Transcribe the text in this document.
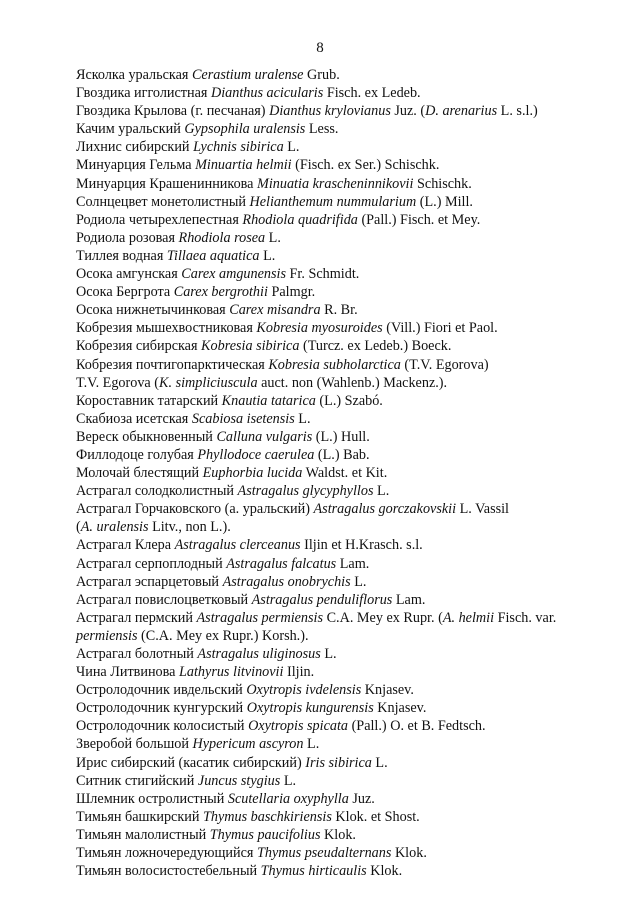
8
Ясколка уральская Cerastium uralense Grub.
Гвоздика игголистная Dianthus acicularis Fisch. ex Ledeb.
Гвоздика Крылова (г. песчаная) Dianthus krylovianus Juz. (D. arenarius L. s.l.)
Качим уральский Gypsophila uralensis Less.
Лихнис сибирский Lychnis sibirica L.
Минуарция Гельма Minuartia helmii (Fisch. ex Ser.) Schischk.
Минуарция Крашенинникова Minuatia krascheninnikovii Schischk.
Солнцецвет монетолистный Helianthemum nummularium (L.) Mill.
Родиола четырехлепестная Rhodiola quadrifida (Pall.) Fisch. et Mey.
Родиола розовая Rhodiola rosea L.
Тиллея водная Tillaea aquatica L.
Осока амгунская Carex amgunensis Fr. Schmidt.
Осока Бергрота Carex bergrothii Palmgr.
Осока нижнетычинковая Carex misandra R. Br.
Кобрезия мышехвостниковая Kobresia myosuroides (Vill.) Fiori et Paol.
Кобрезия сибирская Kobresia sibirica (Turcz. ex Ledeb.) Boeck.
Кобрезия почтигопарктическая Kobresia subholarctica (T.V. Egorova)
T.V. Egorova (K. simpliciuscula auct. non (Wahlenb.) Mackenz.).
Короставник татарский Knautia tatarica (L.) Szabó.
Скабиоза исетская Scabiosa isetensis L.
Вереск обыкновенный Calluna vulgaris (L.) Hull.
Филлодоце голубая Phyllodoce caerulea (L.) Bab.
Молочай блестящий Euphorbia lucida Waldst. et Kit.
Астрагал солодколистный Astragalus glycyphyllos L.
Астрагал Горчаковского (а. уральский) Astragalus gorczakovskii L. Vassil
(A. uralensis Litv., non L.).
Астрагал Клера Astragalus clerceanus Iljin et H.Krasch. s.l.
Астрагал серпоплодный Astragalus falcatus Lam.
Астрагал эспарцетовый Astragalus onobrychis L.
Астрагал повислоцветковый Astragalus penduliflorus Lam.
Астрагал пермский Astragalus permiensis C.A. Mey ex Rupr. (A. helmii Fisch. var.
permiensis (C.A. Mey ex Rupr.) Korsh.).
Астрагал болотный Astragalus uliginosus L.
Чина Литвинова Lathyrus litvinovii Iljin.
Остролодочник ивдельский Oxytropis ivdelensis Knjasev.
Остролодочник кунгурский Oxytropis kungurensis Knjasev.
Остролодочник колосистый Oxytropis spicata (Pall.) O. et B. Fedtsch.
Зверобой большой Hypericum ascyron L.
Ирис сибирский (касатик сибирский) Iris sibirica L.
Ситник стигийский Juncus stygius L.
Шлемник остролистный Scutellaria oxyphylla Juz.
Тимьян башкирский Thymus baschkiriensis Klok. et Shost.
Тимьян малолистный Thymus paucifolius Klok.
Тимьян ложночередующийся Thymus pseudalternans Klok.
Тимьян волосистостебельный Thymus hirticaulis Klok.
